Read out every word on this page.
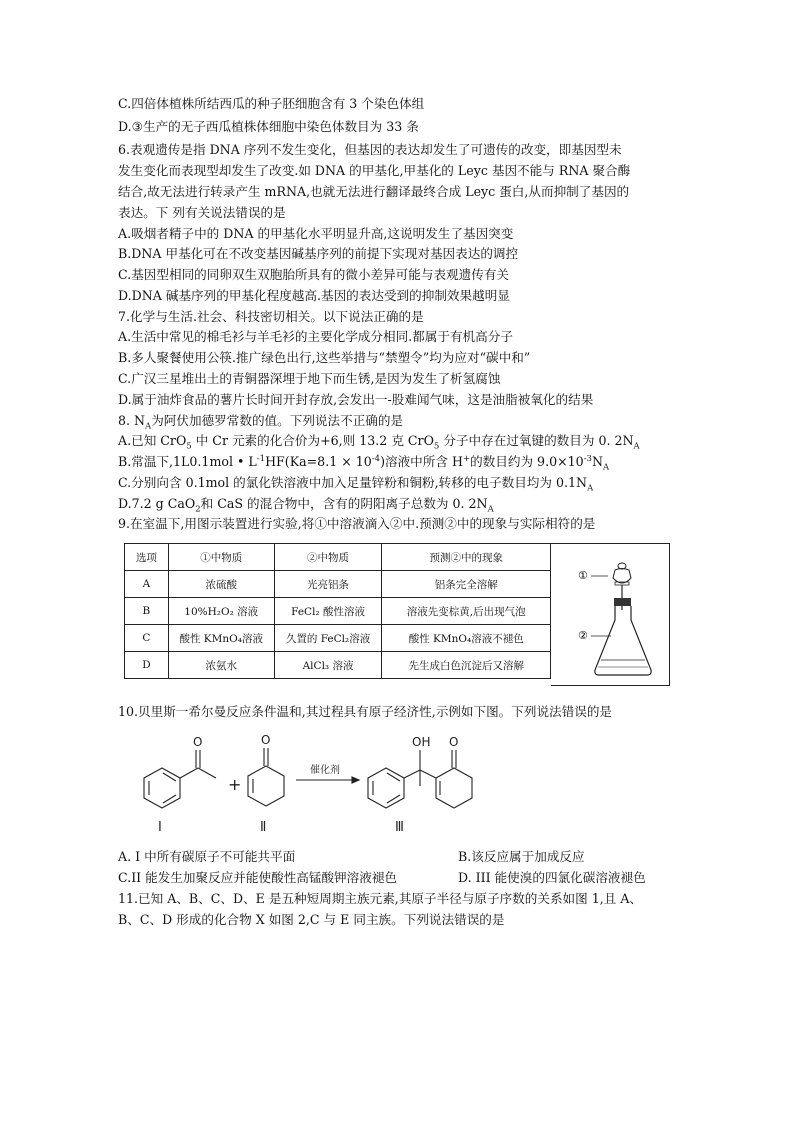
C.四倍体植株所结西瓜的种子胚细胞含有 3 个染色体组
D.③生产的无子西瓜植株体细胞中染色体数目为 33 条
6.表观遗传是指 DNA 序列不发生变化，但基因的表达却发生了可遗传的改变，即基因型未
发生变化而表现型却发生了改变.如 DNA 的甲基化,甲基化的 Leyc 基因不能与 RNA 聚合酶
结合,故无法进行转录产生 mRNA,也就无法进行翻译最终合成 Leyc 蛋白,从而抑制了基因的
表达。下 列有关说法错误的是
A.吸烟者精子中的 DNA 的甲基化水平明显升高,这说明发生了基因突变
B.DNA 甲基化可在不改变基因碱基序列的前提下实现对基因表达的调控
C.基因型相同的同卵双生双胞胎所具有的微小差异可能与表观遗传有关
D.DNA 碱基序列的甲基化程度越高.基因的表达受到的抑制效果越明显
7.化学与生活.社会、科技密切相关。以下说法正确的是
A.生活中常见的棉毛衫与羊毛衫的主要化学成分相同.都属于有机高分子
B.多人聚餐使用公筷.推广绿色出行,这些举措与“禁塑令”均为应对“碳中和”
C.广汉三星堆出土的青铜器深埋于地下而生锈,是因为发生了析氢腐蚀
D.属于油炸食品的薯片长时间开封存放,会发出一-股难闻气味，这是油脂被氧化的结果
8. $N_A$为阿伏加德罗常数的值。下列说法不正确的是
A.已知 CrO$_5$ 中 Cr 元素的化合价为+6,则 13.2 克 CrO$_5$ 分子中存在过氧键的数目为 0. $2N_A$
B.常温下,1L0.1mol • $L^{-1}HF(Ka=8.1 \times 10^{-4})$溶液中所含 H+的数目约为 $9.0\times 10^{-3}N_A$
C.分别向含 0.1mol 的氯化铁溶液中加入足量锌粉和铜粉,转移的电子数目均为 $0.1N_A$
D.7.2 g CaO$_2$和 CaS 的混合物中，含有的阴阳离子总数为 0. $2N_A$
9.在室温下,用图示装置进行实验,将①中溶液滴入②中.预测②中的现象与实际相符的是
选项	①中物质	②中物质	预测②中的现象
A	浓硫酸	光亮铝条	铝条完全溶解
B	10%H₂O₂ 溶液	FeCl₂ 酸性溶液	溶液先变棕黄,后出现气泡
C	酸性 KMnO₄溶液	久置的 FeCl₂溶液	酸性 KMnO₄溶液不褪色
D	浓氨水	AlCl₃ 溶液	先生成白色沉淀后又溶解
①
②
10.贝里斯一希尔曼反应条件温和,其过程具有原子经济性,示例如下图。下列说法错误的是
O
+
O
催化剂
OH O
Ⅰ	Ⅱ	Ⅲ
A. I 中所有碳原子不可能共平面	B.该反应属于加成反应
C.II 能发生加聚反应并能使酸性高锰酸钾溶液褪色	D. III 能使溴的四氯化碳溶液褪色
11.已知 A、B、C、D、E 是五种短周期主族元素,其原子半径与原子序数的关系如图 1,且 A、
B、C、D 形成的化合物 X 如图 2,C 与 E 同主族。下列说法错误的是
